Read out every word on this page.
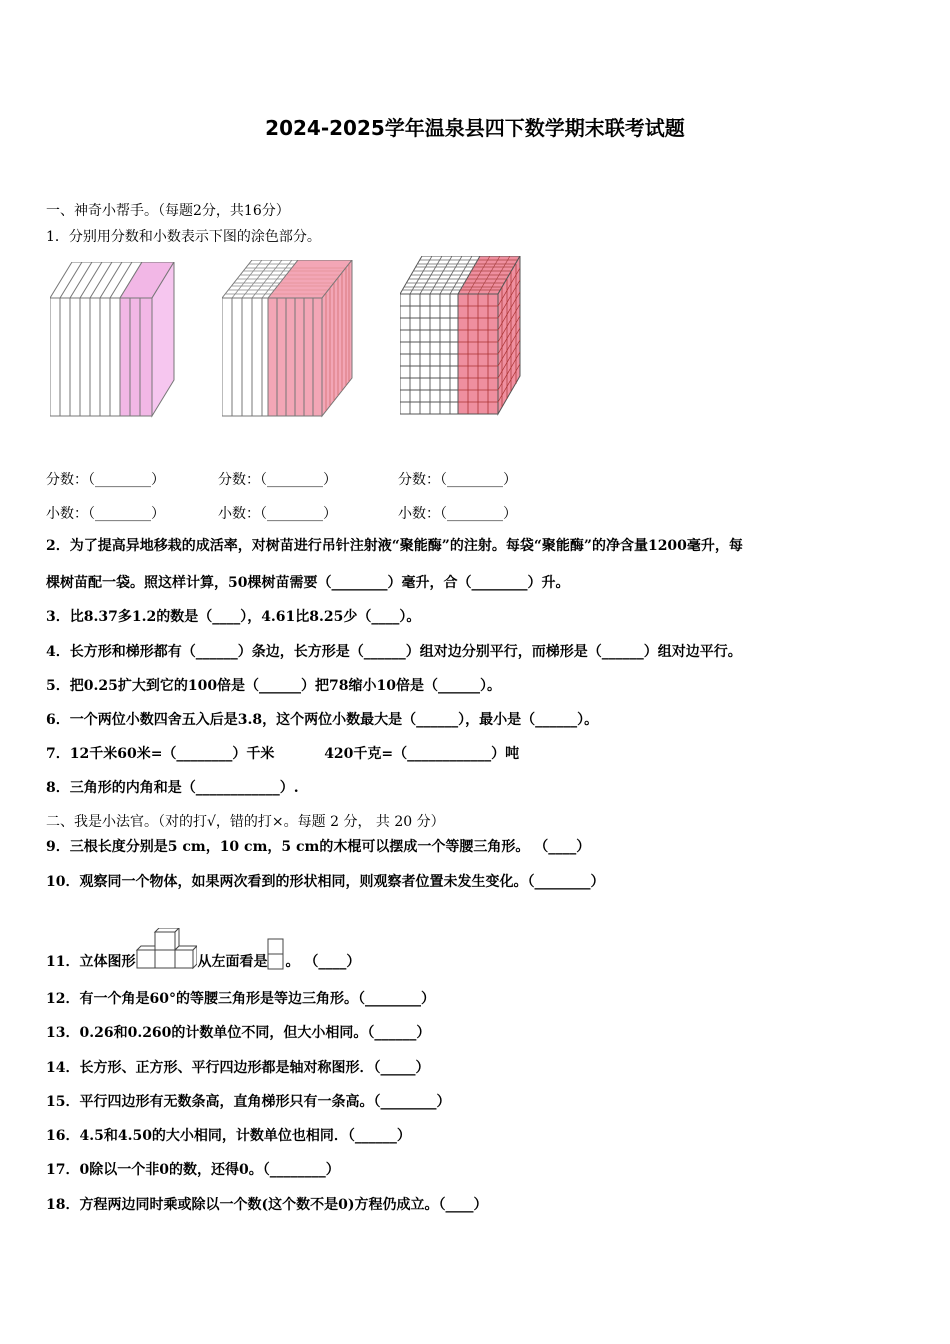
2024-2025学年温泉县四下数学期末联考试题
一、神奇小帮手。（每题2分，共16分）
1．分别用分数和小数表示下图的涂色部分。
分数：（________）	分数：（________）	分数：（________）
小数：（________）	小数：（________）	小数：（________）
2．为了提高异地移栽的成活率，对树苗进行吊针注射液“聚能酶”的注射。每袋“聚能酶”的净含量1200毫升，每
棵树苗配一袋。照这样计算，50棵树苗需要（________）毫升，合（________）升。
3．比8.37多1.2的数是（____），4.61比8.25少（____）。
4．长方形和梯形都有（______）条边，长方形是（______）组对边分别平行，而梯形是（______）组对边平行。
5．把0.25扩大到它的100倍是（______）把78缩小10倍是（______）。
6．一个两位小数四舍五入后是3.8，这个两位小数最大是（______），最小是（______）。
7．12千米60米=（________）千米	420千克=（____________）吨
8．三角形的内角和是（____________）.
二、我是小法官。（对的打√，错的打×。每题 2 分， 共 20 分）
9．三根长度分别是5 cm，10 cm，5 cm的木棍可以摆成一个等腰三角形。 （____）
10．观察同一个物体，如果两次看到的形状相同，则观察者位置未发生变化。（________）
11．立体图形	从左面看是 。 （____）
12．有一个角是60°的等腰三角形是等边三角形。（________）
13．0.26和0.260的计数单位不同，但大小相同。（______）
14．长方形、正方形、平行四边形都是轴对称图形．（_____）
15．平行四边形有无数条高，直角梯形只有一条高。（________）
16．4.5和4.50的大小相同，计数单位也相同．（______）
17．0除以一个非0的数，还得0。（________）
18．方程两边同时乘或除以一个数(这个数不是0)方程仍成立。（____）
